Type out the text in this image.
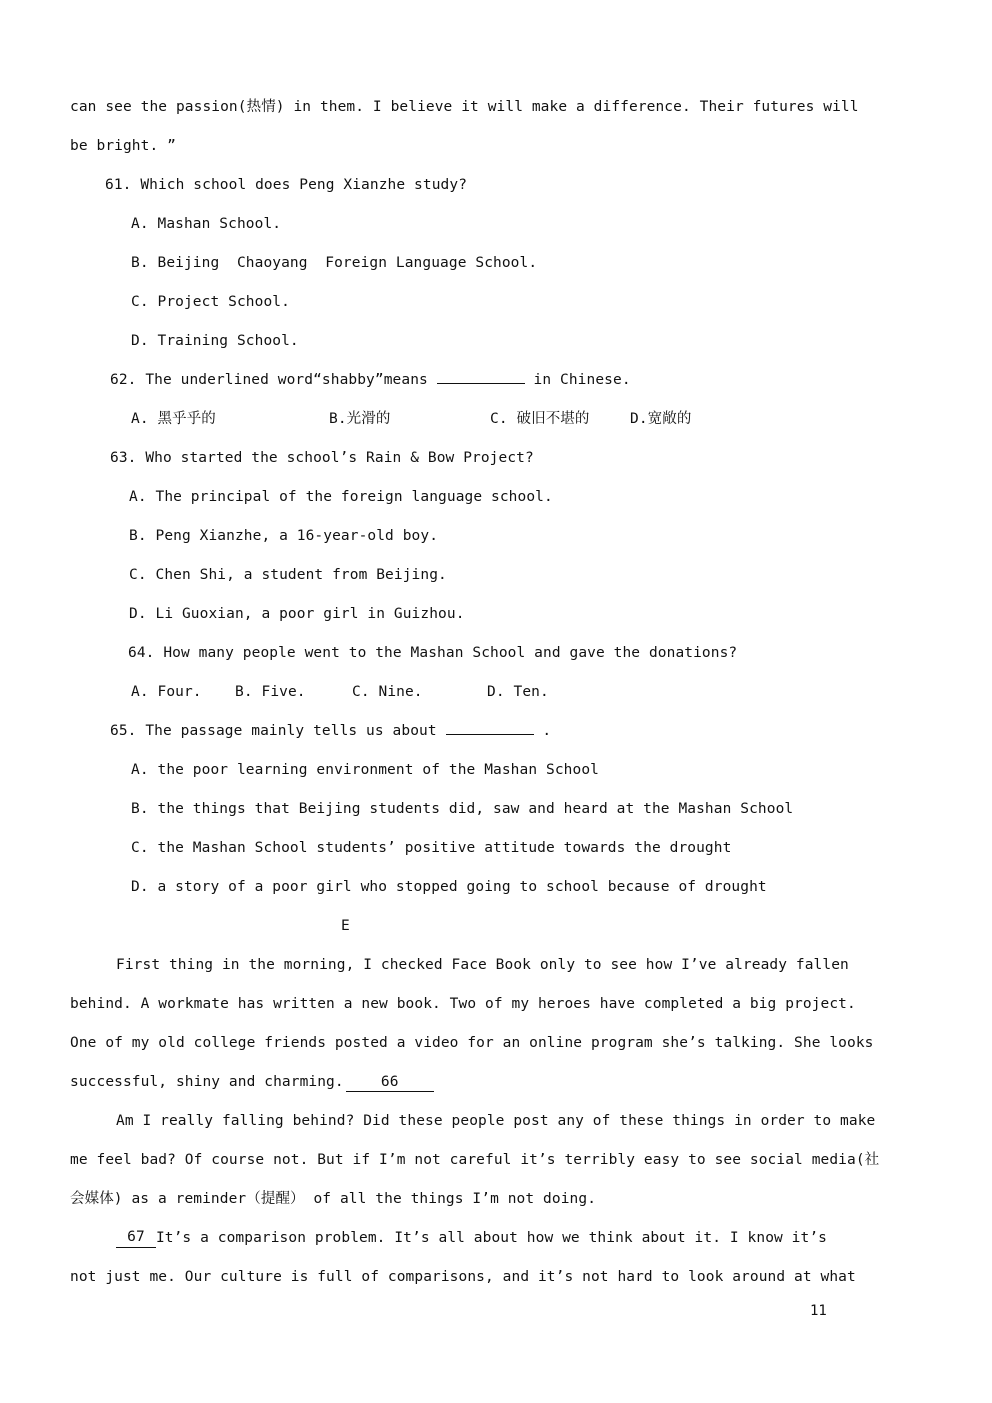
can see the passion(热情) in them. I believe it will make a difference. Their futures will
be bright. ”
61. Which school does Peng Xianzhe study?
A. Mashan School.
B. Beijing  Chaoyang  Foreign Language School.
C. Project School.
D. Training School.
62. The underlined word“shabby”means	in Chinese.
A. 黑乎乎的	B.光滑的	C. 破旧不堪的	D.宽敞的
63. Who started the school’s Rain & Bow Project?
A. The principal of the foreign language school.
B. Peng Xianzhe, a 16-year-old boy.
C. Chen Shi, a student from Beijing.
D. Li Guoxian, a poor girl in Guizhou.
64. How many people went to the Mashan School and gave the donations?
A. Four. B. Five.	C. Nine.	D. Ten.
65. The passage mainly tells us about	.
A. the poor learning environment of the Mashan School
B. the things that Beijing students did, saw and heard at the Mashan School
C. the Mashan School students’ positive attitude towards the drought
D. a story of a poor girl who stopped going to school because of drought
E
First thing in the morning, I checked Face Book only to see how I’ve already fallen
behind. A workmate has written a new book. Two of my heroes have completed a big project.
One of my old college friends posted a video for an online program she’s talking. She looks
successful, shiny and charming.	66
Am I really falling behind? Did these people post any of these things in order to make
me feel bad? Of course not. But if I’m not careful it’s terribly easy to see social media(社
会媒体) as a reminder（提醒） of all the things I’m not doing.
67 It’s a comparison problem. It’s all about how we think about it. I know it’s
not just me. Our culture is full of comparisons, and it’s not hard to look around at what
11
